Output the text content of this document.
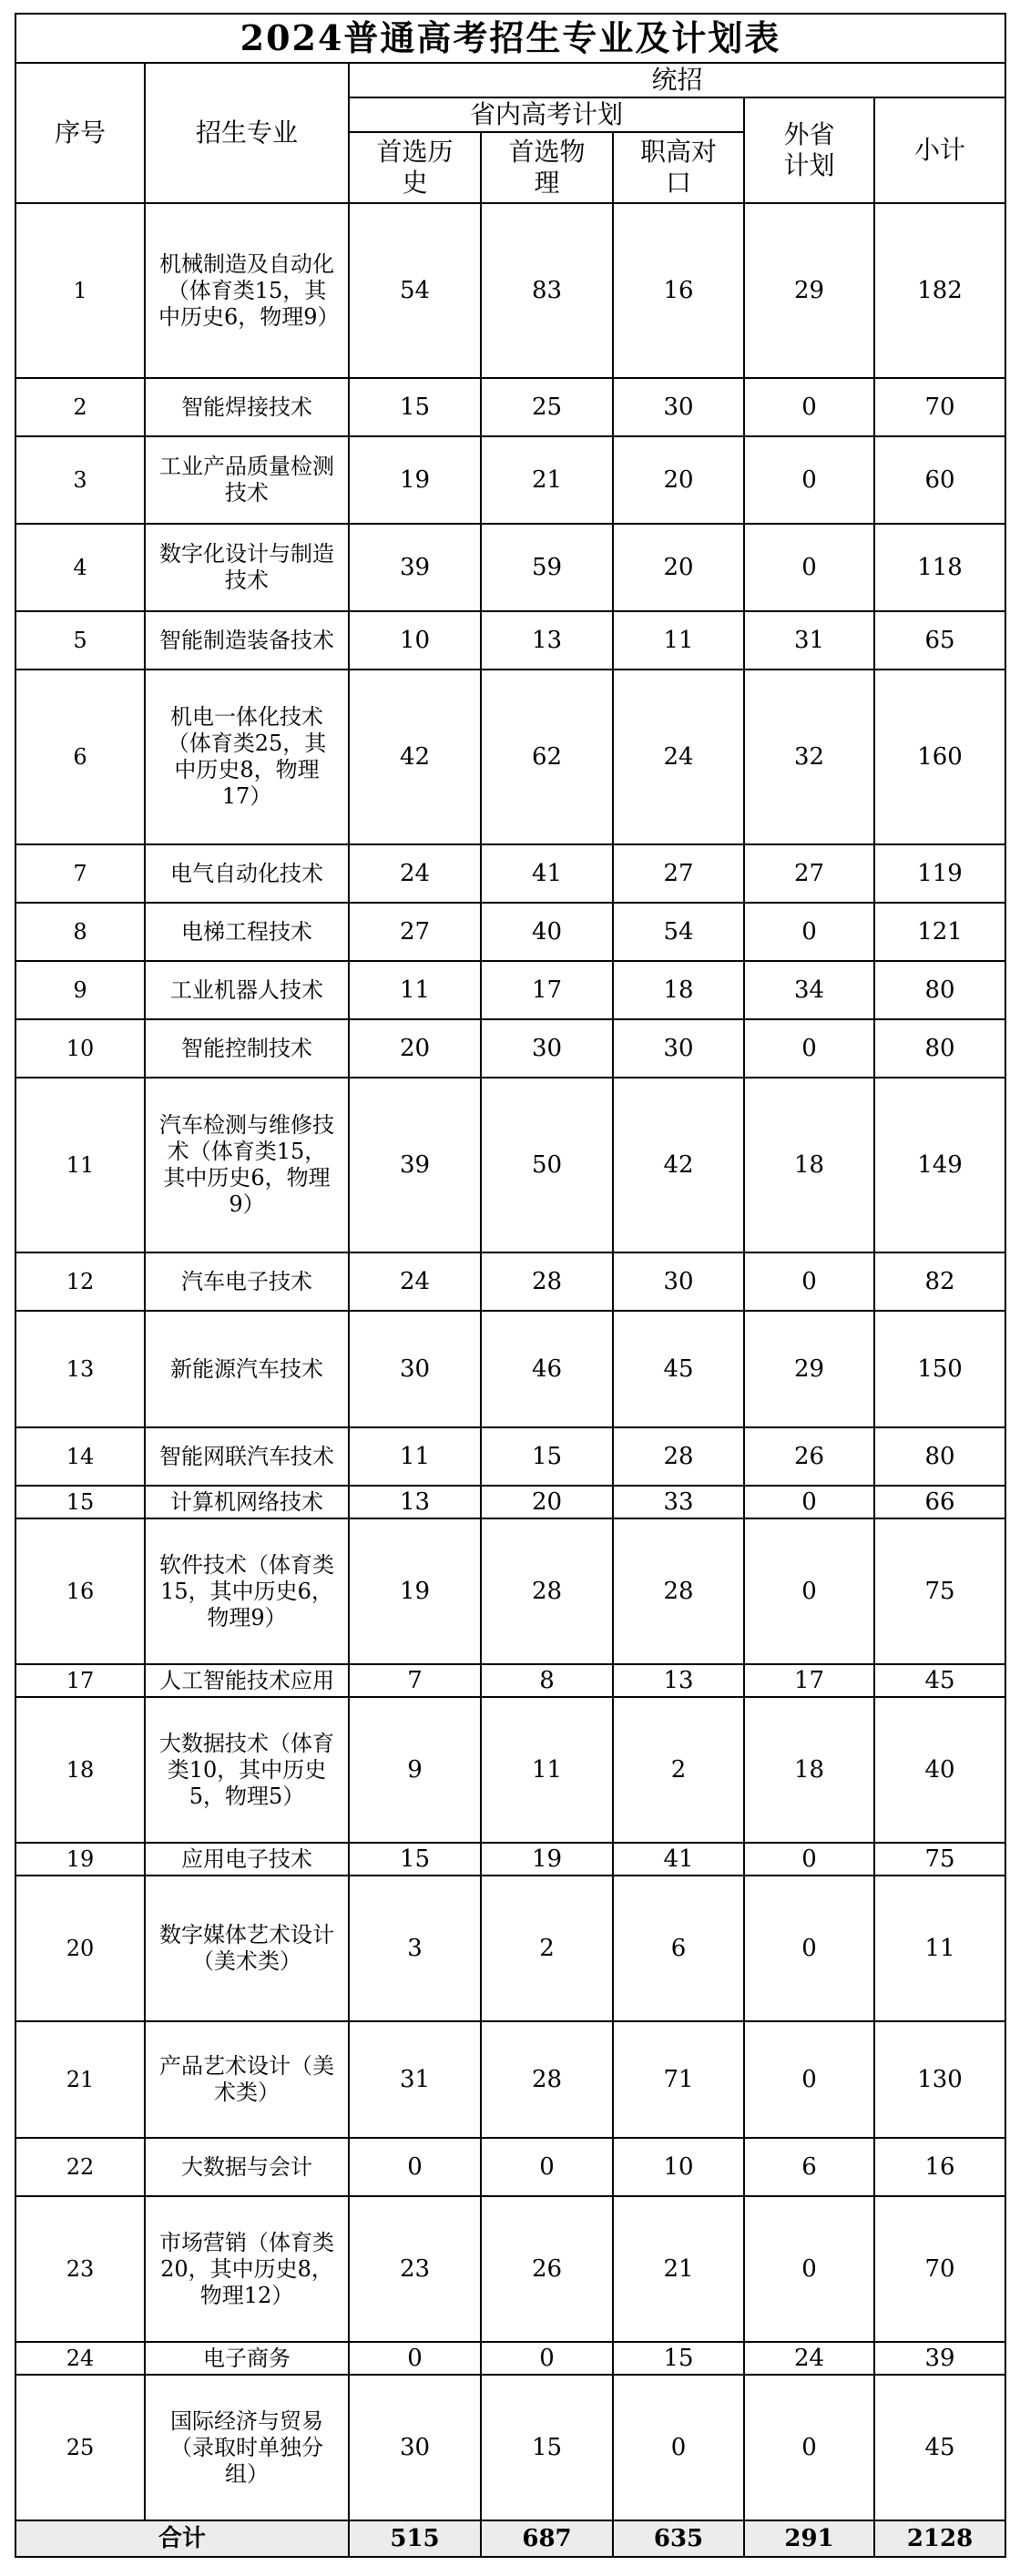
2024普通高考招生专业及计划表						
序号	招生专业	统招				
		省内高考计划			外省计划	小计
		首选历史	首选物理	职高对口		
1	机械制造及自动化（体育类15，其中历史6，物理9）	54	83	16	29	182
2	智能焊接技术	15	25	30	0	70
3	工业产品质量检测技术	19	21	20	0	60
4	数字化设计与制造技术	39	59	20	0	118
5	智能制造装备技术	10	13	11	31	65
6	机电一体化技术（体育类25，其中历史8，物理17）	42	62	24	32	160
7	电气自动化技术	24	41	27	27	119
8	电梯工程技术	27	40	54	0	121
9	工业机器人技术	11	17	18	34	80
10	智能控制技术	20	30	30	0	80
11	汽车检测与维修技术（体育类15，其中历史6，物理9）	39	50	42	18	149
12	汽车电子技术	24	28	30	0	82
13	新能源汽车技术	30	46	45	29	150
14	智能网联汽车技术	11	15	28	26	80
15	计算机网络技术	13	20	33	0	66
16	软件技术（体育类15，其中历史6，物理9）	19	28	28	0	75
17	人工智能技术应用	7	8	13	17	45
18	大数据技术（体育类10，其中历史5，物理5）	9	11	2	18	40
19	应用电子技术	15	19	41	0	75
20	数字媒体艺术设计（美术类）	3	2	6	0	11
21	产品艺术设计（美术类）	31	28	71	0	130
22	大数据与会计	0	0	10	6	16
23	市场营销（体育类20，其中历史8，物理12）	23	26	21	0	70
24	电子商务	0	0	15	24	39
25	国际经济与贸易（录取时单独分组）	30	15	0	0	45
合计		515	687	635	291	2128
